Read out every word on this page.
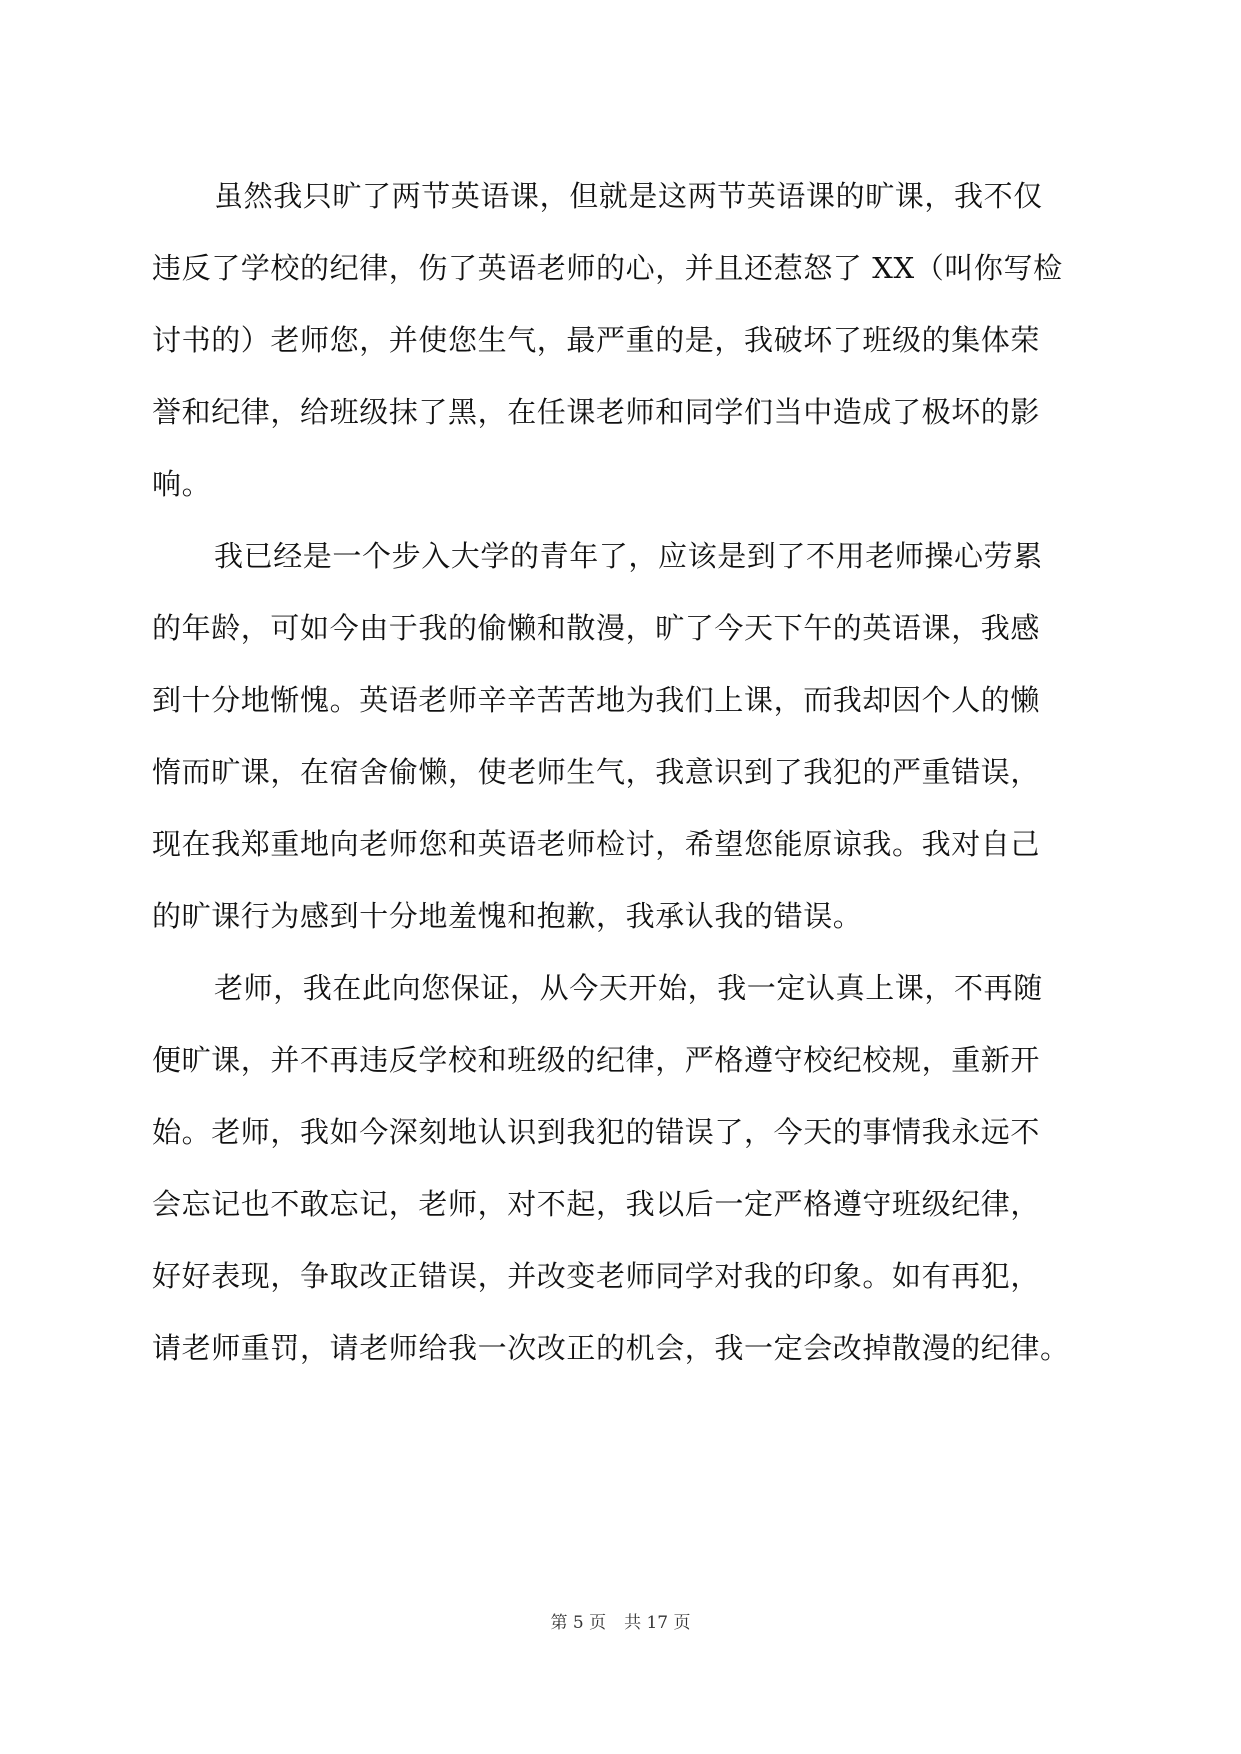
虽然我只旷了两节英语课，但就是这两节英语课的旷课，我不仅
违反了学校的纪律，伤了英语老师的心，并且还惹怒了 XX（叫你写检
讨书的）老师您，并使您生气，最严重的是，我破坏了班级的集体荣
誉和纪律，给班级抹了黑，在任课老师和同学们当中造成了极坏的影
响。
我已经是一个步入大学的青年了，应该是到了不用老师操心劳累
的年龄，可如今由于我的偷懒和散漫，旷了今天下午的英语课，我感
到十分地惭愧。英语老师辛辛苦苦地为我们上课，而我却因个人的懒
惰而旷课，在宿舍偷懒，使老师生气，我意识到了我犯的严重错误，
现在我郑重地向老师您和英语老师检讨，希望您能原谅我。我对自己
的旷课行为感到十分地羞愧和抱歉，我承认我的错误。
老师，我在此向您保证，从今天开始，我一定认真上课，不再随
便旷课，并不再违反学校和班级的纪律，严格遵守校纪校规，重新开
始。老师，我如今深刻地认识到我犯的错误了，今天的事情我永远不
会忘记也不敢忘记，老师，对不起，我以后一定严格遵守班级纪律，
好好表现，争取改正错误，并改变老师同学对我的印象。如有再犯，
请老师重罚，请老师给我一次改正的机会，我一定会改掉散漫的纪律。
第 5 页 共 17 页
